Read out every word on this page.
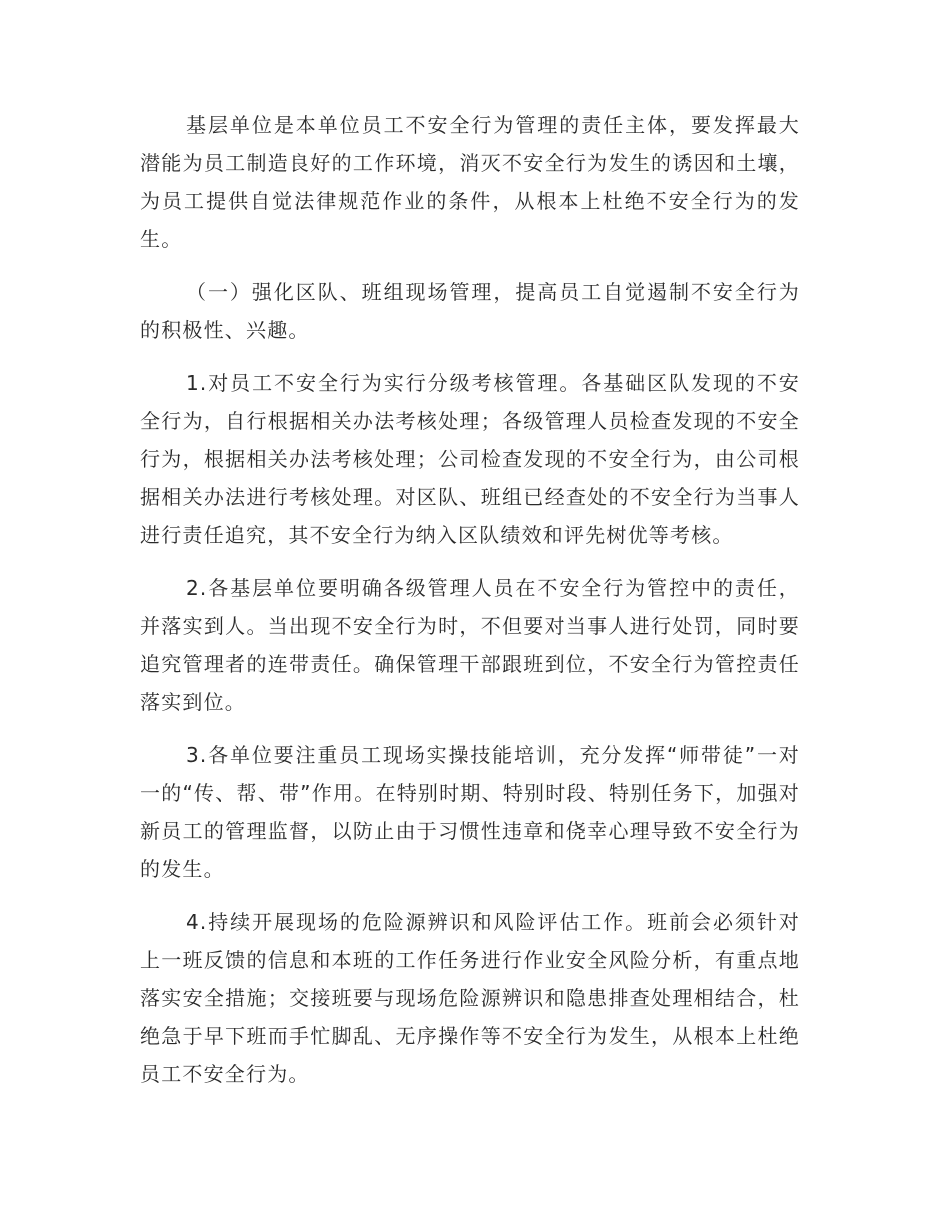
基层单位是本单位员工不安全行为管理的责任主体，要发挥最大潜能为员工制造良好的工作环境，消灭不安全行为发生的诱因和土壤，为员工提供自觉法律规范作业的条件，从根本上杜绝不安全行为的发生。

（一）强化区队、班组现场管理，提高员工自觉遏制不安全行为的积极性、兴趣。

1.对员工不安全行为实行分级考核管理。各基础区队发现的不安全行为，自行根据相关办法考核处理；各级管理人员检查发现的不安全行为，根据相关办法考核处理；公司检查发现的不安全行为，由公司根据相关办法进行考核处理。对区队、班组已经查处的不安全行为当事人进行责任追究，其不安全行为纳入区队绩效和评先树优等考核。

2.各基层单位要明确各级管理人员在不安全行为管控中的责任，并落实到人。当出现不安全行为时，不但要对当事人进行处罚，同时要追究管理者的连带责任。确保管理干部跟班到位，不安全行为管控责任落实到位。

3.各单位要注重员工现场实操技能培训，充分发挥“师带徒”一对一的“传、帮、带”作用。在特别时期、特别时段、特别任务下，加强对新员工的管理监督，以防止由于习惯性违章和侥幸心理导致不安全行为的发生。

4.持续开展现场的危险源辨识和风险评估工作。班前会必须针对上一班反馈的信息和本班的工作任务进行作业安全风险分析，有重点地落实安全措施；交接班要与现场危险源辨识和隐患排查处理相结合，杜绝急于早下班而手忙脚乱、无序操作等不安全行为发生，从根本上杜绝员工不安全行为。
